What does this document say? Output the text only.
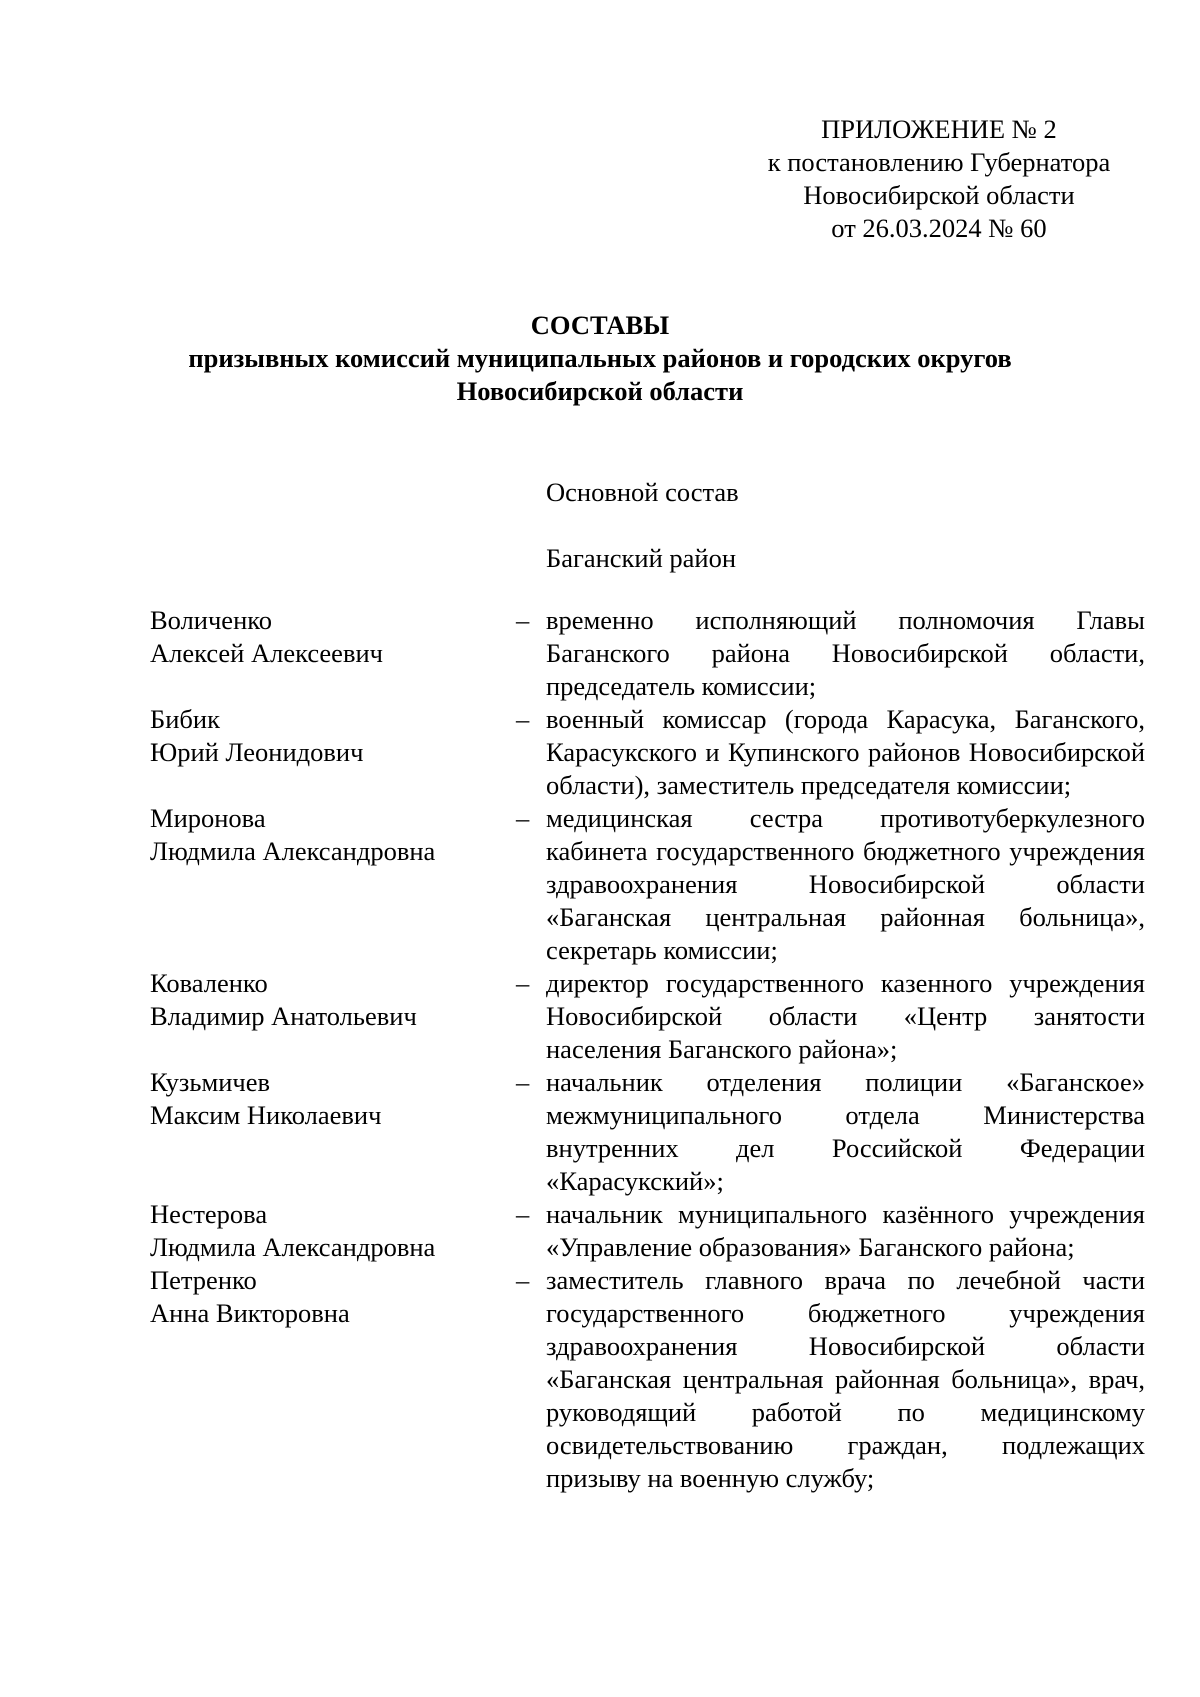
ПРИЛОЖЕНИЕ № 2
к постановлению Губернатора
Новосибирской области
от 26.03.2024 № 60
СОСТАВЫ
призывных комиссий муниципальных районов и городских округов
Новосибирской области
Основной состав
Баганский район
Воличенко
Алексей Алексеевич
– временно исполняющий полномочия Главы Баганского района Новосибирской области, председатель комиссии;
Бибик
Юрий Леонидович
– военный комиссар (города Карасука, Баганского, Карасукского и Купинского районов Новосибирской области), заместитель председателя комиссии;
Миронова
Людмила Александровна
– медицинская сестра противотуберкулезного кабинета государственного бюджетного учреждения здравоохранения Новосибирской области «Баганская центральная районная больница», секретарь комиссии;
Коваленко
Владимир Анатольевич
– директор государственного казенного учреждения Новосибирской области «Центр занятости населения Баганского района»;
Кузьмичев
Максим Николаевич
– начальник отделения полиции «Баганское» межмуниципального отдела Министерства внутренних дел Российской Федерации «Карасукский»;
Нестерова
Людмила Александровна
– начальник муниципального казённого учреждения «Управление образования» Баганского района;
Петренко
Анна Викторовна
– заместитель главного врача по лечебной части государственного бюджетного учреждения здравоохранения Новосибирской области «Баганская центральная районная больница», врач, руководящий работой по медицинскому освидетельствованию граждан, подлежащих призыву на военную службу;
